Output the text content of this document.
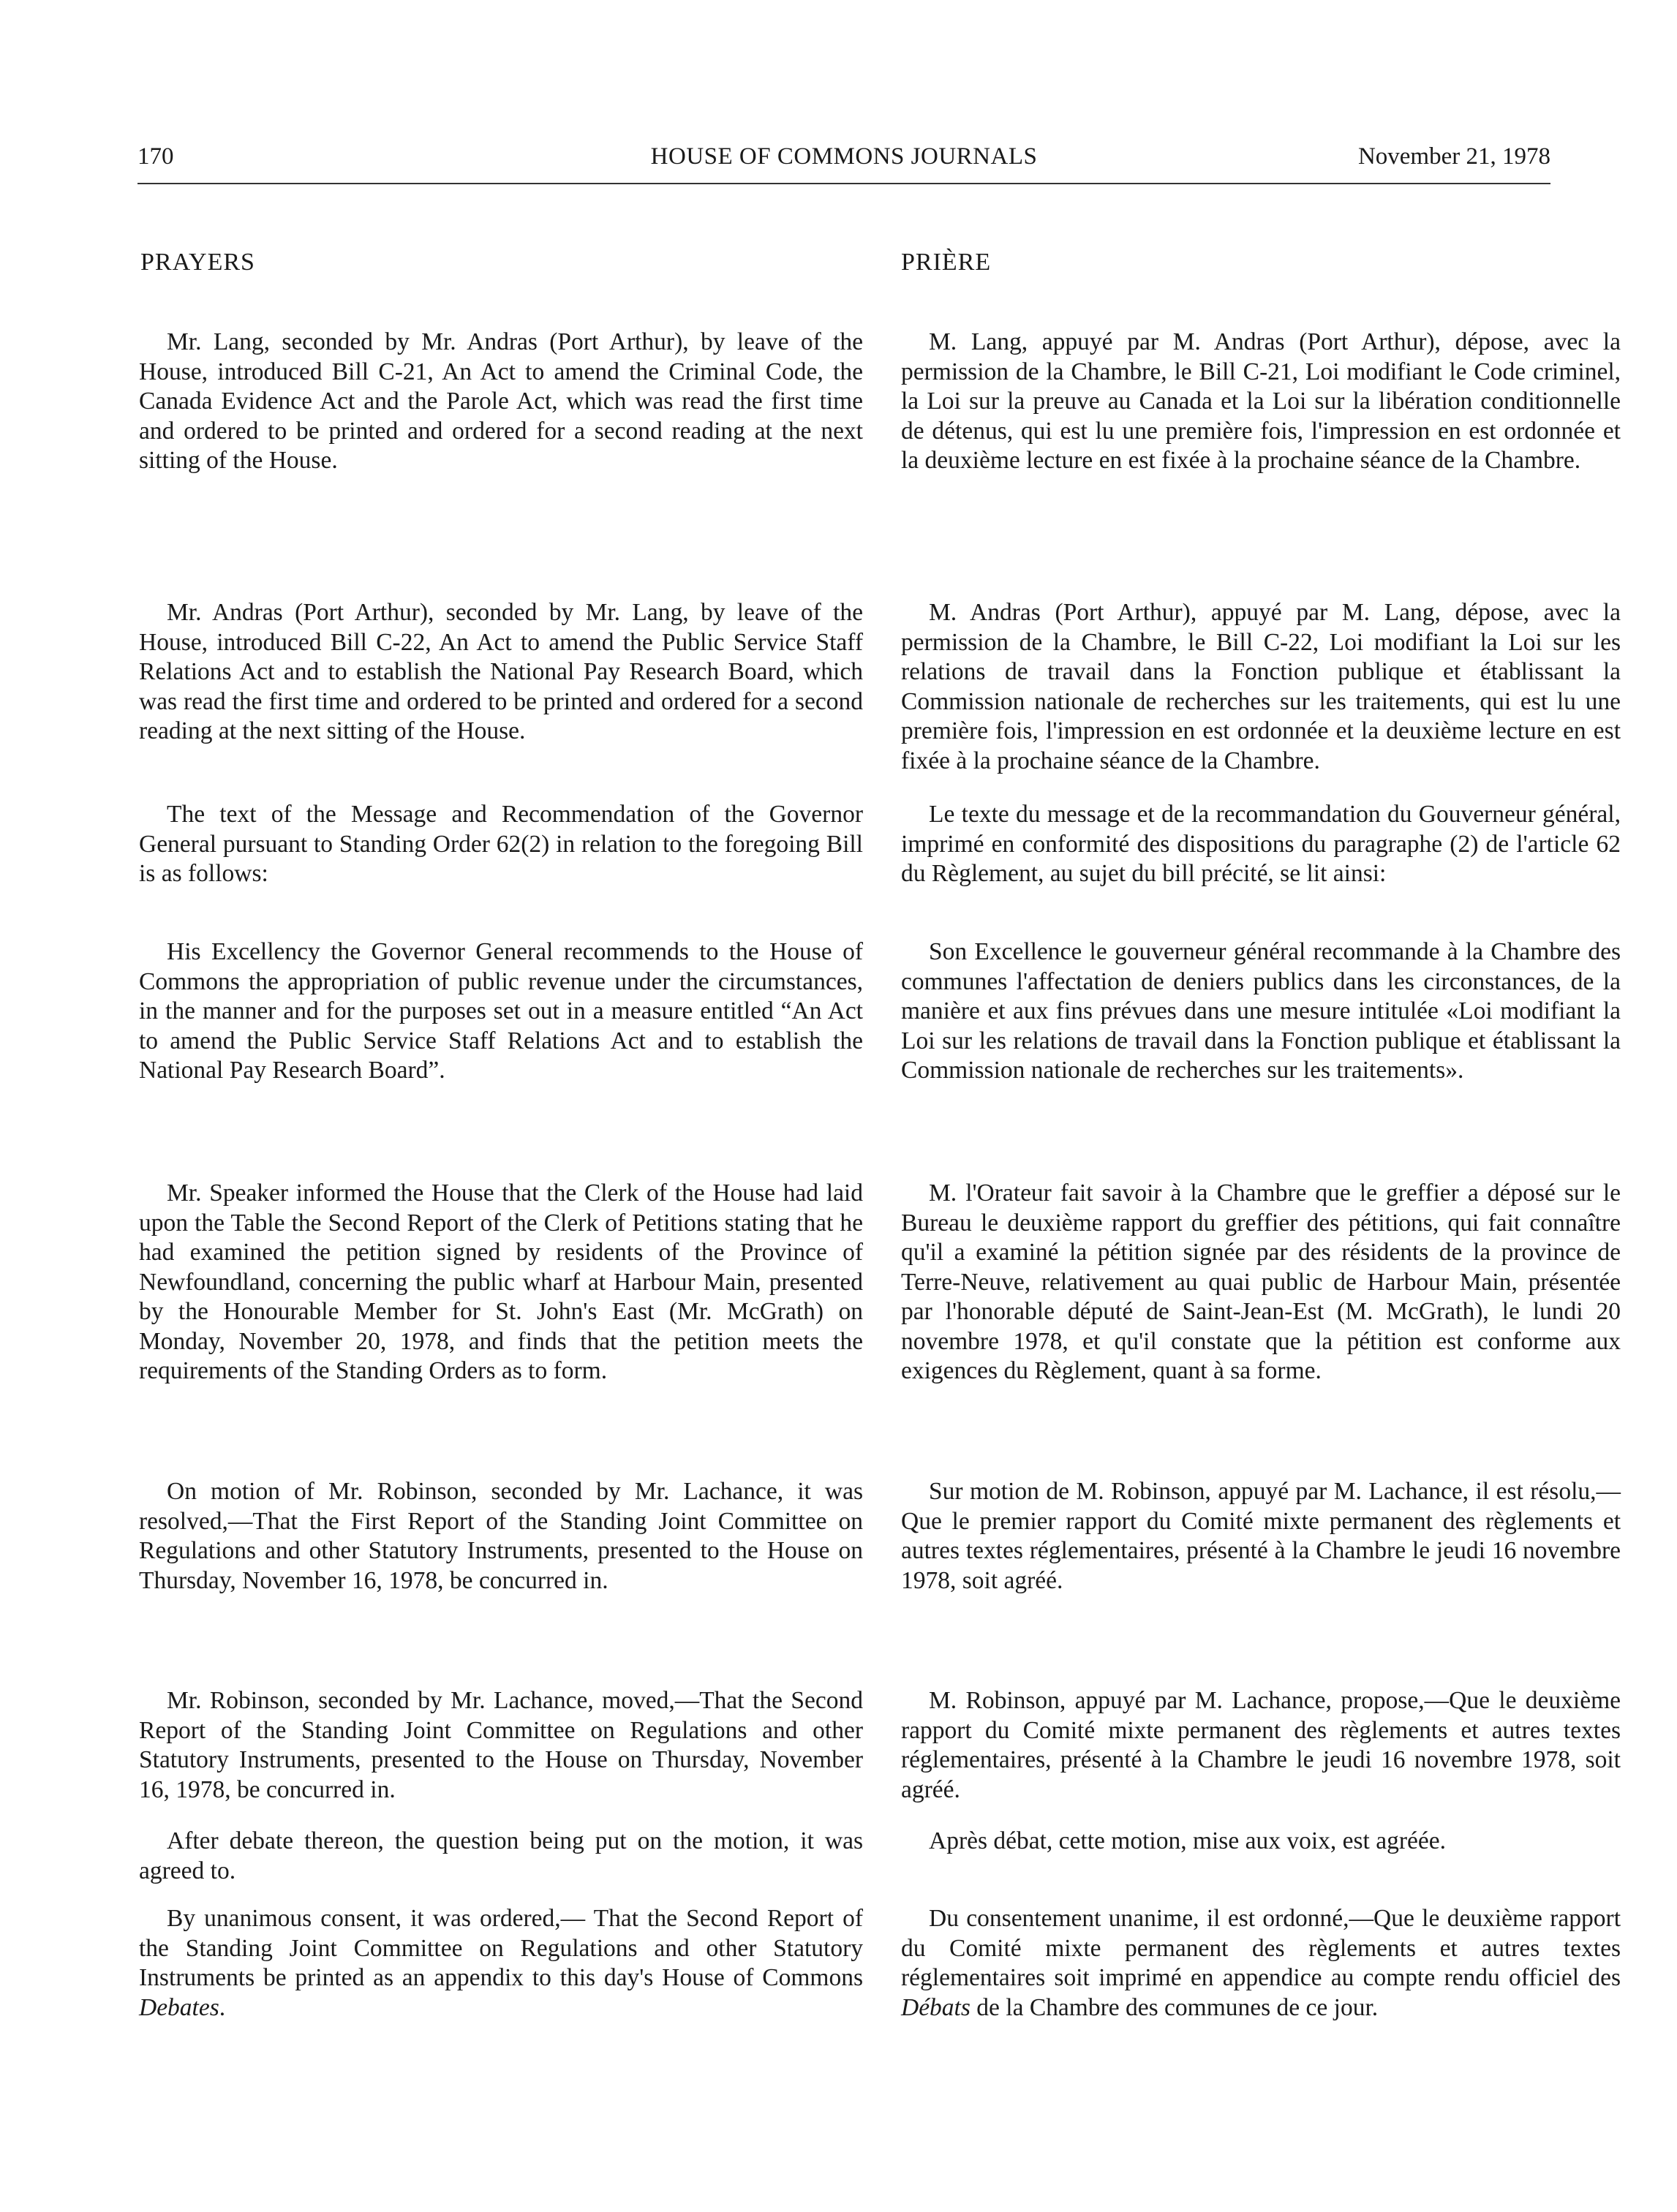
170	HOUSE OF COMMONS JOURNALS	November 21, 1978
PRAYERS
Mr. Lang, seconded by Mr. Andras (Port Arthur), by leave of the House, introduced Bill C-21, An Act to amend the Criminal Code, the Canada Evidence Act and the Parole Act, which was read the first time and ordered to be printed and ordered for a second reading at the next sitting of the House.
Mr. Andras (Port Arthur), seconded by Mr. Lang, by leave of the House, introduced Bill C-22, An Act to amend the Public Service Staff Relations Act and to establish the National Pay Research Board, which was read the first time and ordered to be printed and ordered for a second reading at the next sitting of the House.
The text of the Message and Recommendation of the Governor General pursuant to Standing Order 62(2) in relation to the foregoing Bill is as follows:
His Excellency the Governor General recommends to the House of Commons the appropriation of public revenue under the circumstances, in the manner and for the purposes set out in a measure entitled “An Act to amend the Public Service Staff Relations Act and to establish the National Pay Research Board”.
Mr. Speaker informed the House that the Clerk of the House had laid upon the Table the Second Report of the Clerk of Petitions stating that he had examined the petition signed by residents of the Province of Newfoundland, concerning the public wharf at Harbour Main, presented by the Honourable Member for St. John's East (Mr. McGrath) on Monday, November 20, 1978, and finds that the petition meets the requirements of the Standing Orders as to form.
On motion of Mr. Robinson, seconded by Mr. Lachance, it was resolved,—That the First Report of the Standing Joint Committee on Regulations and other Statutory Instruments, presented to the House on Thursday, November 16, 1978, be concurred in.
Mr. Robinson, seconded by Mr. Lachance, moved,—That the Second Report of the Standing Joint Committee on Regulations and other Statutory Instruments, presented to the House on Thursday, November 16, 1978, be concurred in.
After debate thereon, the question being put on the motion, it was agreed to.
By unanimous consent, it was ordered,— That the Second Report of the Standing Joint Committee on Regulations and other Statutory Instruments be printed as an appendix to this day's House of Commons Debates.
PRIÈRE
M. Lang, appuyé par M. Andras (Port Arthur), dépose, avec la permission de la Chambre, le Bill C-21, Loi modifiant le Code criminel, la Loi sur la preuve au Canada et la Loi sur la libération conditionnelle de détenus, qui est lu une première fois, l'impression en est ordonnée et la deuxième lecture en est fixée à la prochaine séance de la Chambre.
M. Andras (Port Arthur), appuyé par M. Lang, dépose, avec la permission de la Chambre, le Bill C-22, Loi modifiant la Loi sur les relations de travail dans la Fonction publique et établissant la Commission nationale de recherches sur les traitements, qui est lu une première fois, l'impression en est ordonnée et la deuxième lecture en est fixée à la prochaine séance de la Chambre.
Le texte du message et de la recommandation du Gouverneur général, imprimé en conformité des dispositions du paragraphe (2) de l'article 62 du Règlement, au sujet du bill précité, se lit ainsi:
Son Excellence le gouverneur général recommande à la Chambre des communes l'affectation de deniers publics dans les circonstances, de la manière et aux fins prévues dans une mesure intitulée «Loi modifiant la Loi sur les relations de travail dans la Fonction publique et établissant la Commission nationale de recherches sur les traitements».
M. l'Orateur fait savoir à la Chambre que le greffier a déposé sur le Bureau le deuxième rapport du greffier des pétitions, qui fait connaître qu'il a examiné la pétition signée par des résidents de la province de Terre-Neuve, relativement au quai public de Harbour Main, présentée par l'honorable député de Saint-Jean-Est (M. McGrath), le lundi 20 novembre 1978, et qu'il constate que la pétition est conforme aux exigences du Règlement, quant à sa forme.
Sur motion de M. Robinson, appuyé par M. Lachance, il est résolu,—Que le premier rapport du Comité mixte permanent des règlements et autres textes réglementaires, présenté à la Chambre le jeudi 16 novembre 1978, soit agréé.
M. Robinson, appuyé par M. Lachance, propose,—Que le deuxième rapport du Comité mixte permanent des règlements et autres textes réglementaires, présenté à la Chambre le jeudi 16 novembre 1978, soit agréé.
Après débat, cette motion, mise aux voix, est agréée.
Du consentement unanime, il est ordonné,—Que le deuxième rapport du Comité mixte permanent des règlements et autres textes réglementaires soit imprimé en appendice au compte rendu officiel des Débats de la Chambre des communes de ce jour.
